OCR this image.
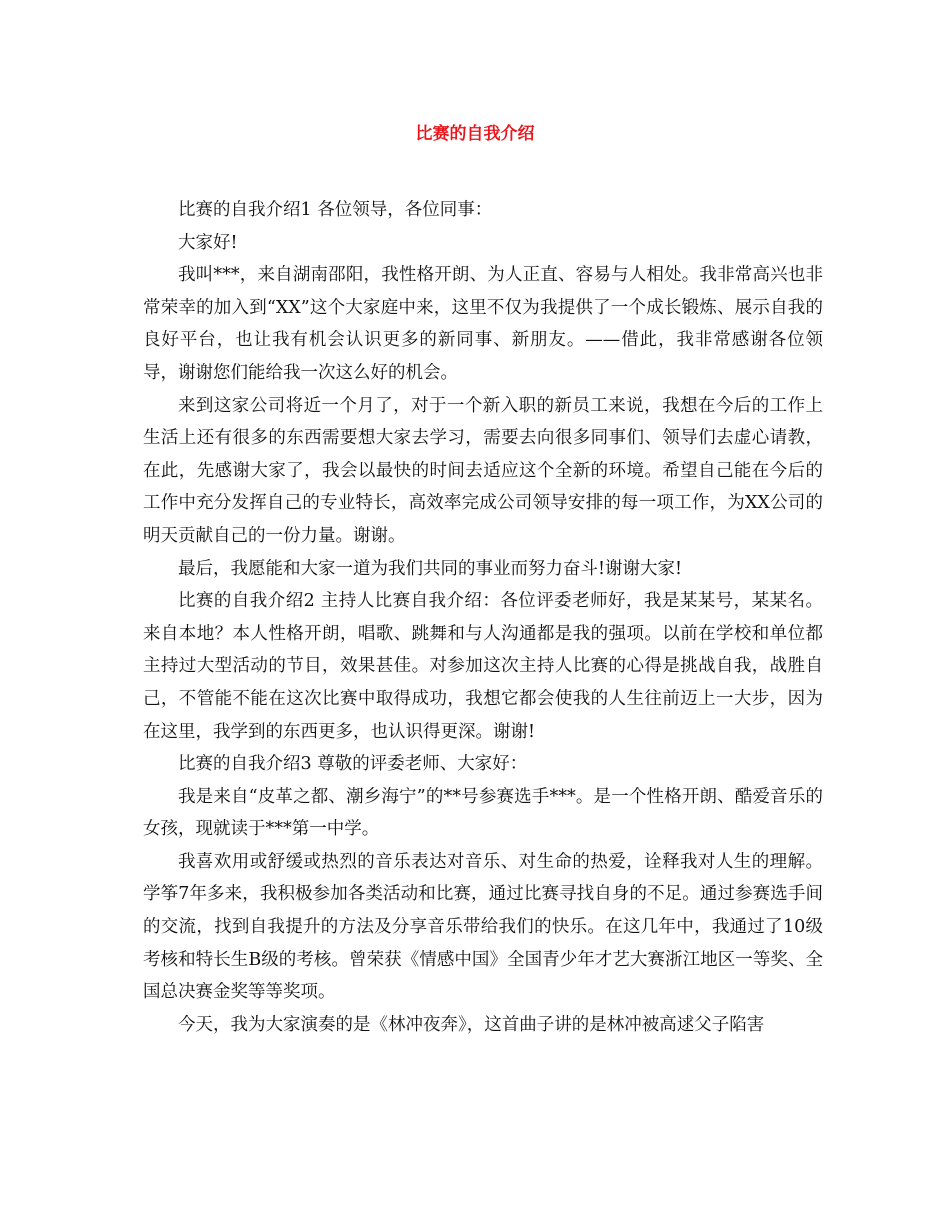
比赛的自我介绍

比赛的自我介绍1 各位领导，各位同事：

大家好!

我叫***，来自湖南邵阳，我性格开朗、为人正直、容易与人相处。我非常高兴也非常荣幸的加入到“XX”这个大家庭中来，这里不仅为我提供了一个成长锻炼、展示自我的良好平台，也让我有机会认识更多的新同事、新朋友。——借此，我非常感谢各位领导，谢谢您们能给我一次这么好的机会。

来到这家公司将近一个月了，对于一个新入职的新员工来说，我想在今后的工作上生活上还有很多的东西需要想大家去学习，需要去向很多同事们、领导们去虚心请教，在此，先感谢大家了，我会以最快的时间去适应这个全新的环境。希望自己能在今后的工作中充分发挥自己的专业特长，高效率完成公司领导安排的每一项工作，为XX公司的明天贡献自己的一份力量。谢谢。

最后，我愿能和大家一道为我们共同的事业而努力奋斗!谢谢大家!

比赛的自我介绍2 主持人比赛自我介绍：各位评委老师好，我是某某号，某某名。来自本地？本人性格开朗，唱歌、跳舞和与人沟通都是我的强项。以前在学校和单位都主持过大型活动的节目，效果甚佳。对参加这次主持人比赛的心得是挑战自我，战胜自己，不管能不能在这次比赛中取得成功，我想它都会使我的人生往前迈上一大步，因为在这里，我学到的东西更多，也认识得更深。谢谢!

比赛的自我介绍3 尊敬的评委老师、大家好：

我是来自“皮革之都、潮乡海宁”的**号参赛选手***。是一个性格开朗、酷爱音乐的女孩，现就读于***第一中学。

我喜欢用或舒缓或热烈的音乐表达对音乐、对生命的热爱，诠释我对人生的理解。学筝7年多来，我积极参加各类活动和比赛，通过比赛寻找自身的不足。通过参赛选手间的交流，找到自我提升的方法及分享音乐带给我们的快乐。在这几年中，我通过了10级考核和特长生B级的考核。曾荣获《情感中国》全国青少年才艺大赛浙江地区一等奖、全国总决赛金奖等等奖项。

今天，我为大家演奏的是《林冲夜奔》，这首曲子讲的是林冲被高逑父子陷害
